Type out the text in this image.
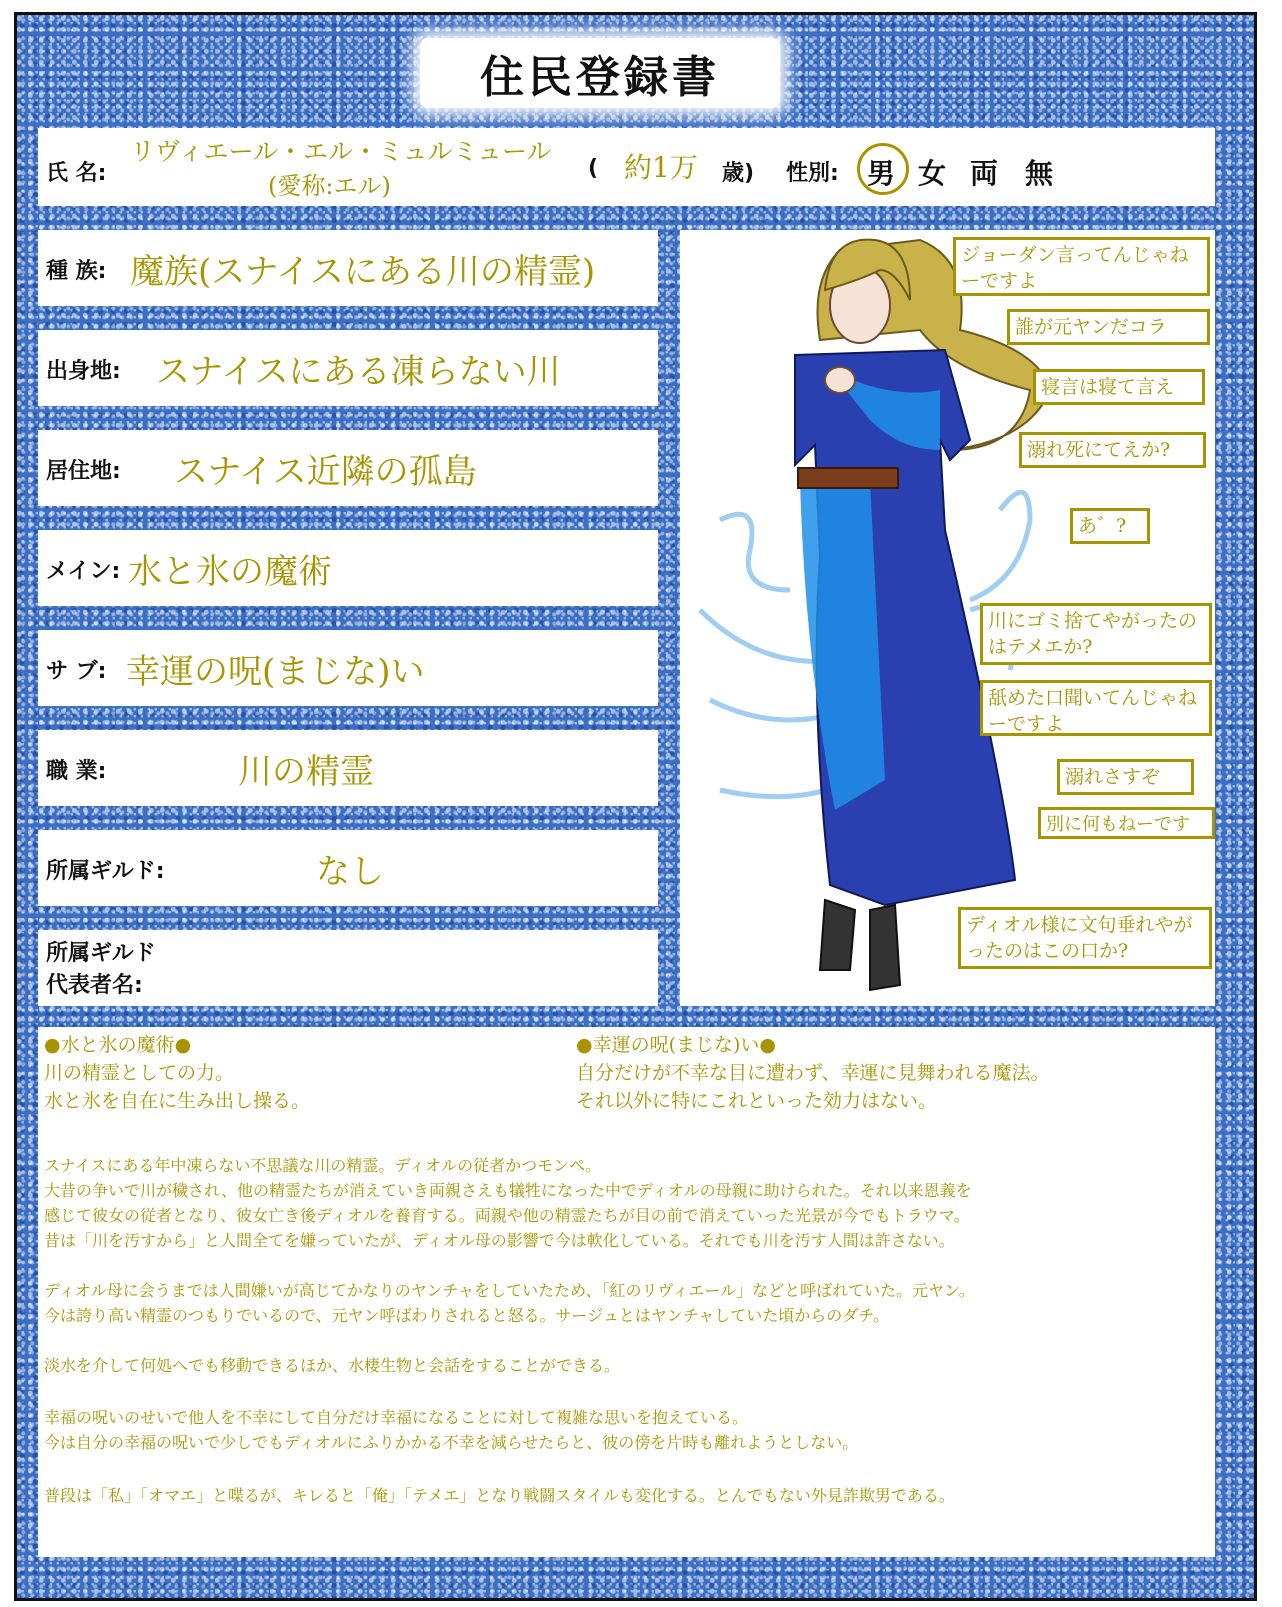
住民登録書
氏 名:
リヴィエール・エル・ミュルミュール
(愛称:エル)
( 約1万 歳) 性別: 男 女 両 無
種 族: 魔族(スナイスにある川の精霊)
出身地: スナイスにある凍らない川
居住地: スナイス近隣の孤島
メイン: 水と氷の魔術
サ ブ: 幸運の呪(まじな)い
職 業:	川の精霊
所属ギルド:	なし
所属ギルド
代表者名:
ジョーダン言ってんじゃねーですよ
誰が元ヤンだコラ
寝言は寝て言え
溺れ死にてえか?
あ゛?
川にゴミ捨てやがったのはテメエか?
舐めた口聞いてんじゃねーですよ
溺れさすぞ
別に何もねーです
ディオル様に文句垂れやがったのはこの口か?
●水と氷の魔術●
川の精霊としての力。
水と氷を自在に生み出し操る。
●幸運の呪(まじな)い●
自分だけが不幸な目に遭わず、幸運に見舞われる魔法。
それ以外に特にこれといった効力はない。
スナイスにある年中凍らない不思議な川の精霊。ディオルの従者かつモンペ。
大昔の争いで川が穢され、他の精霊たちが消えていき両親さえも犠牲になった中でディオルの母親に助けられた。それ以来恩義を
感じて彼女の従者となり、彼女亡き後ディオルを養育する。両親や他の精霊たちが目の前で消えていった光景が今でもトラウマ。
昔は「川を汚すから」と人間全てを嫌っていたが、ディオル母の影響で今は軟化している。それでも川を汚す人間は許さない。
ディオル母に会うまでは人間嫌いが高じてかなりのヤンチャをしていたため、「紅のリヴィエール」などと呼ばれていた。元ヤン。
今は誇り高い精霊のつもりでいるので、元ヤン呼ばわりされると怒る。サージュとはヤンチャしていた頃からのダチ。
淡水を介して何処へでも移動できるほか、水棲生物と会話をすることができる。
幸福の呪いのせいで他人を不幸にして自分だけ幸福になることに対して複雑な思いを抱えている。
今は自分の幸福の呪いで少しでもディオルにふりかかる不幸を減らせたらと、彼の傍を片時も離れようとしない。
普段は「私」「オマエ」と喋るが、キレると「俺」「テメエ」となり戦闘スタイルも変化する。とんでもない外見詐欺男である。
